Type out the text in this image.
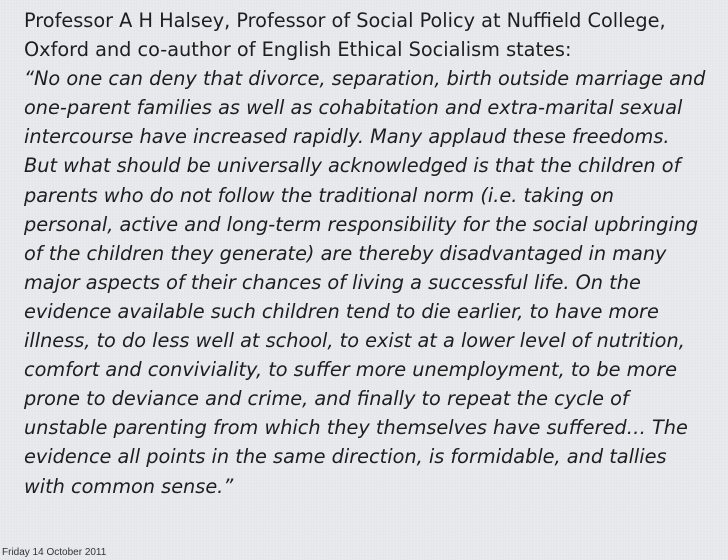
Professor A H Halsey, Professor of Social Policy at Nuffield College,
Oxford and co-author of English Ethical Socialism states:
“No one can deny that divorce, separation, birth outside marriage and
one-parent families as well as cohabitation and extra-marital sexual
intercourse have increased rapidly. Many applaud these freedoms.
But what should be universally acknowledged is that the children of
parents who do not follow the traditional norm (i.e. taking on
personal, active and long-term responsibility for the social upbringing
of the children they generate) are thereby disadvantaged in many
major aspects of their chances of living a successful life. On the
evidence available such children tend to die earlier, to have more
illness, to do less well at school, to exist at a lower level of nutrition,
comfort and conviviality, to suffer more unemployment, to be more
prone to deviance and crime, and finally to repeat the cycle of
unstable parenting from which they themselves have suffered… The
evidence all points in the same direction, is formidable, and tallies
with common sense.”
Friday 14 October 2011
